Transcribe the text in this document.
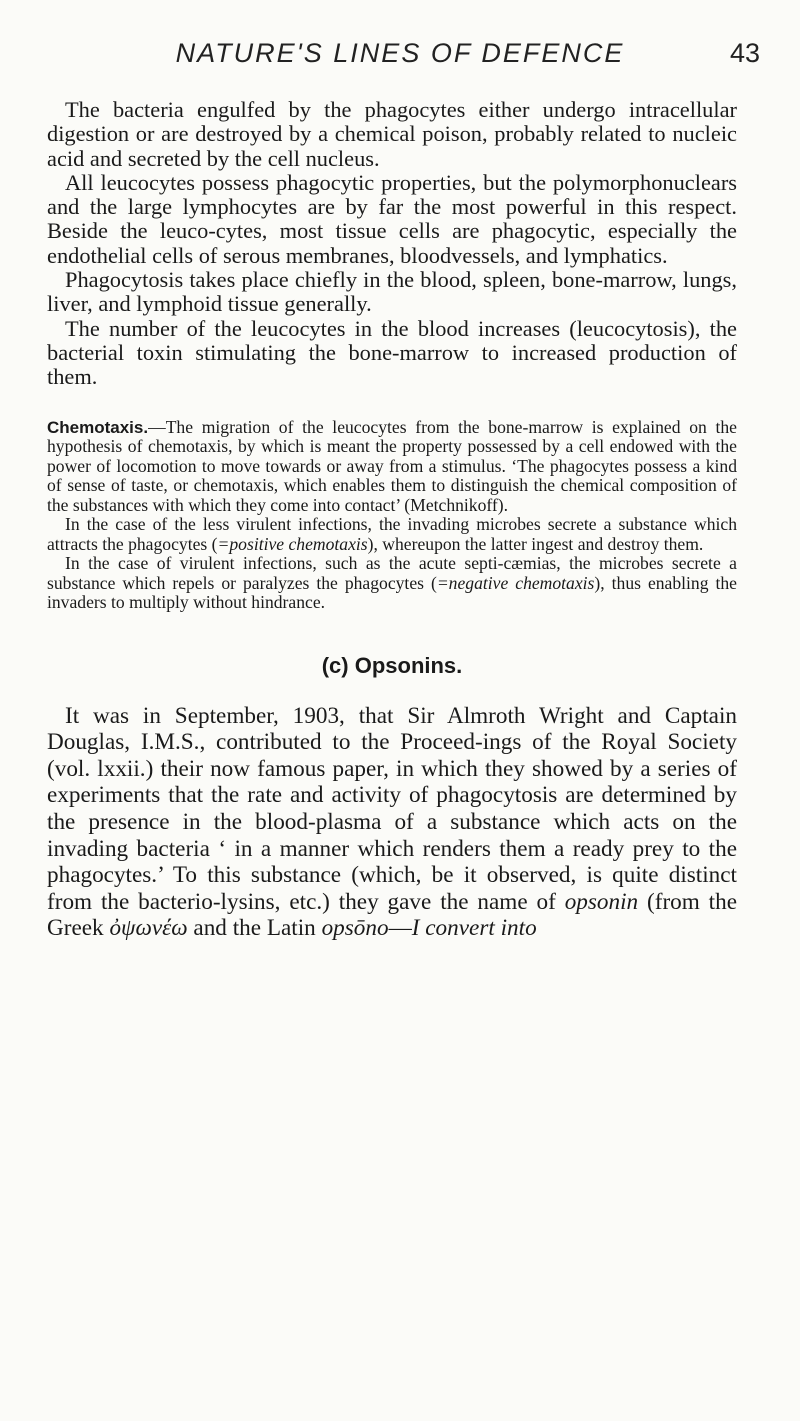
NATURE'S LINES OF DEFENCE	43

The bacteria engulfed by the phagocytes either undergo intracellular digestion or are destroyed by a chemical poison, probably related to nucleic acid and secreted by the cell nucleus.

All leucocytes possess phagocytic properties, but the polymorphonuclears and the large lymphocytes are by far the most powerful in this respect. Beside the leuco-cytes, most tissue cells are phagocytic, especially the endothelial cells of serous membranes, bloodvessels, and lymphatics.

Phagocytosis takes place chiefly in the blood, spleen, bone-marrow, lungs, liver, and lymphoid tissue generally.

The number of the leucocytes in the blood increases (leucocytosis), the bacterial toxin stimulating the bone-marrow to increased production of them.

Chemotaxis.—The migration of the leucocytes from the bone-marrow is explained on the hypothesis of chemotaxis, by which is meant the property possessed by a cell endowed with the power of locomotion to move towards or away from a stimulus. ‘The phagocytes possess a kind of sense of taste, or chemotaxis, which enables them to distinguish the chemical composition of the substances with which they come into contact’ (Metchnikoff).

In the case of the less virulent infections, the invading microbes secrete a substance which attracts the phagocytes (=positive chemotaxis), whereupon the latter ingest and destroy them.

In the case of virulent infections, such as the acute septi-cæmias, the microbes secrete a substance which repels or paralyzes the phagocytes (=negative chemotaxis), thus enabling the invaders to multiply without hindrance.

(c) Opsonins.

It was in September, 1903, that Sir Almroth Wright and Captain Douglas, I.M.S., contributed to the Proceed-ings of the Royal Society (vol. lxxii.) their now famous paper, in which they showed by a series of experiments that the rate and activity of phagocytosis are determined by the presence in the blood-plasma of a substance which acts on the invading bacteria ‘ in a manner which renders them a ready prey to the phagocytes.’ To this substance (which, be it observed, is quite distinct from the bacterio-lysins, etc.) they gave the name of opsonin (from the Greek ὀψωνέω and the Latin opsōno—I convert into
